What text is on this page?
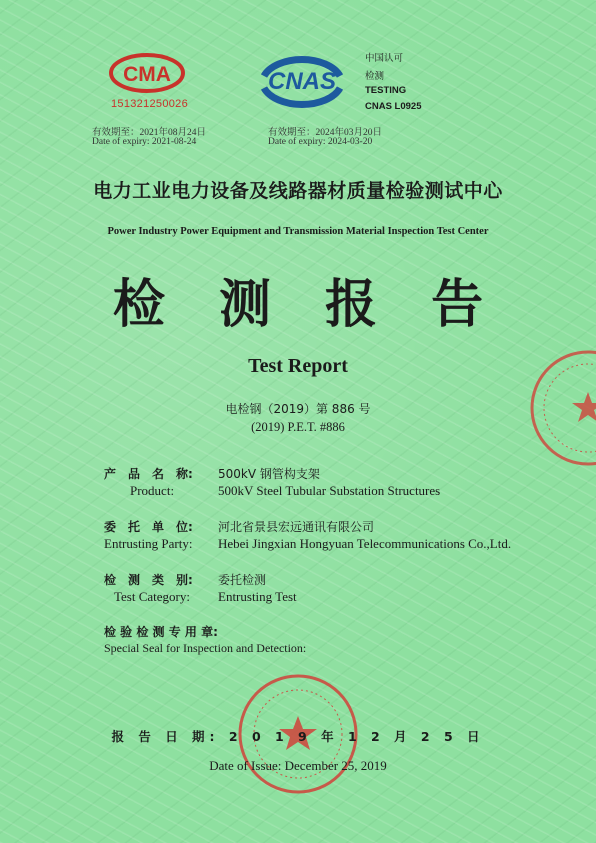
CMA
151321250026
有效期至：2021年08月24日
Date of expiry: 2021-08-24
CNAS
中国认可
检测
TESTING
CNAS L0925
有效期至：2024年03月20日
Date of expiry: 2024-03-20
电力工业电力设备及线路器材质量检验测试中心
Power Industry Power Equipment and Transmission Material Inspection Test Center
检 测 报 告
Test Report
电检钢（2019）第 886 号
(2019) P.E.T. #886
产　品　名　称: 500kV 钢管构支架
Product:	500kV Steel Tubular Substation Structures
委　托　单　位: 河北省景县宏远通讯有限公司
Entrusting Party: Hebei Jingxian Hongyuan Telecommunications Co.,Ltd.
检　测　类　别: 委托检测
Test Category: Entrusting Test
检 验 检 测 专 用 章:
Special Seal for Inspection and Detection:
报 告 日 期: 2 0 1 9 年 1 2 月 2 5 日
Date of Issue: December 25, 2019
